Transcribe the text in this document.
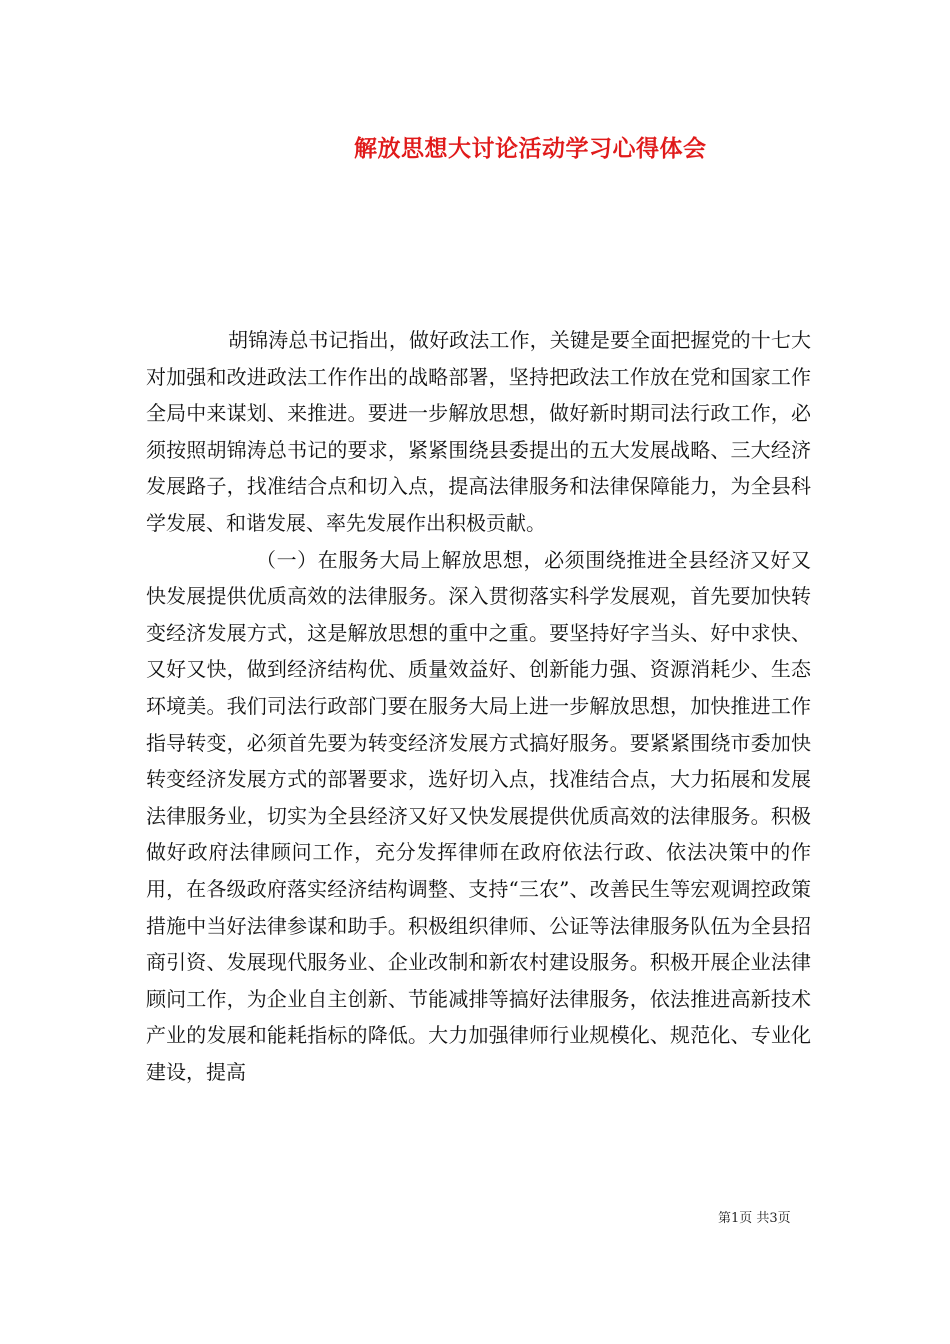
解放思想大讨论活动学习心得体会

胡锦涛总书记指出，做好政法工作，关键是要全面把握党的十七大对加强和改进政法工作作出的战略部署，坚持把政法工作放在党和国家工作全局中来谋划、来推进。要进一步解放思想，做好新时期司法行政工作，必须按照胡锦涛总书记的要求，紧紧围绕县委提出的五大发展战略、三大经济发展路子，找准结合点和切入点，提高法律服务和法律保障能力，为全县科学发展、和谐发展、率先发展作出积极贡献。

（一）在服务大局上解放思想，必须围绕推进全县经济又好又快发展提供优质高效的法律服务。深入贯彻落实科学发展观，首先要加快转变经济发展方式，这是解放思想的重中之重。要坚持好字当头、好中求快、又好又快，做到经济结构优、质量效益好、创新能力强、资源消耗少、生态环境美。我们司法行政部门要在服务大局上进一步解放思想，加快推进工作指导转变，必须首先要为转变经济发展方式搞好服务。要紧紧围绕市委加快转变经济发展方式的部署要求，选好切入点，找准结合点，大力拓展和发展法律服务业，切实为全县经济又好又快发展提供优质高效的法律服务。积极做好政府法律顾问工作，充分发挥律师在政府依法行政、依法决策中的作用，在各级政府落实经济结构调整、支持“三农”、改善民生等宏观调控政策措施中当好法律参谋和助手。积极组织律师、公证等法律服务队伍为全县招商引资、发展现代服务业、企业改制和新农村建设服务。积极开展企业法律顾问工作，为企业自主创新、节能减排等搞好法律服务，依法推进高新技术产业的发展和能耗指标的降低。大力加强律师行业规模化、规范化、专业化建设，提高

第1页 共3页
